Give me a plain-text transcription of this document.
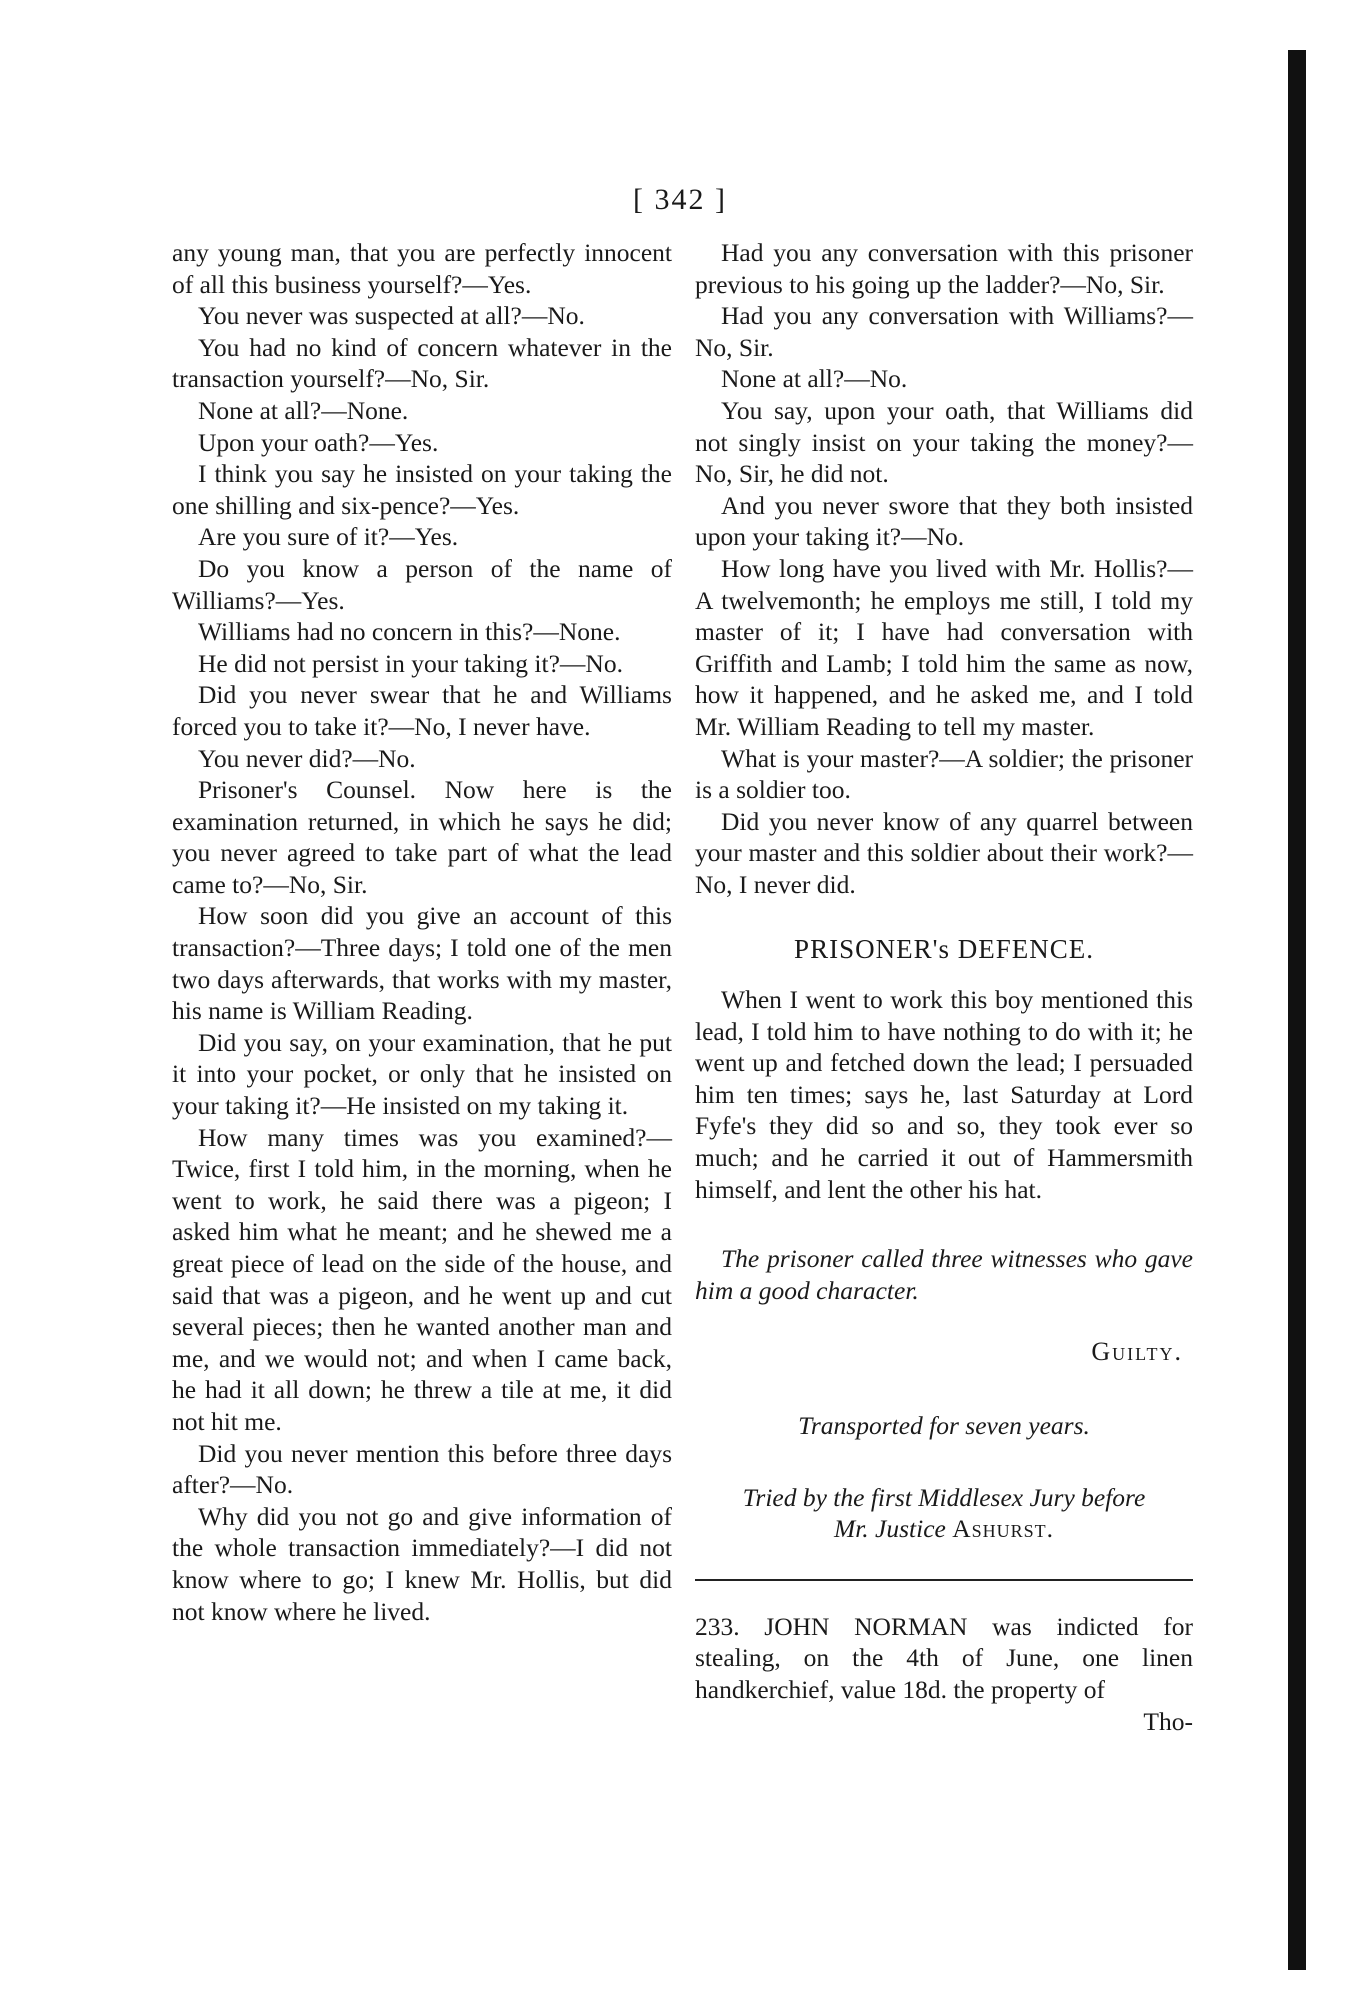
[ 342 ]

any young man, that you are perfectly innocent of all this business yourself?—Yes.

You never was suspected at all?—No.

You had no kind of concern whatever in the transaction yourself?—No, Sir.

None at all?—None.

Upon your oath?—Yes.

I think you say he insisted on your taking the one shilling and six-pence?—Yes.

Are you sure of it?—Yes.

Do you know a person of the name of Williams?—Yes.

Williams had no concern in this?—None.

He did not persist in your taking it?—No.

Did you never swear that he and Williams forced you to take it?—No, I never have.

You never did?—No.

Prisoner's Counsel. Now here is the examination returned, in which he says he did; you never agreed to take part of what the lead came to?—No, Sir.

How soon did you give an account of this transaction?—Three days; I told one of the men two days afterwards, that works with my master, his name is William Reading.

Did you say, on your examination, that he put it into your pocket, or only that he insisted on your taking it?—He insisted on my taking it.

How many times was you examined?—Twice, first I told him, in the morning, when he went to work, he said there was a pigeon; I asked him what he meant; and he shewed me a great piece of lead on the side of the house, and said that was a pigeon, and he went up and cut several pieces; then he wanted another man and me, and we would not; and when I came back, he had it all down; he threw a tile at me, it did not hit me.

Did you never mention this before three days after?—No.

Why did you not go and give information of the whole transaction immediately?—I did not know where to go; I knew Mr. Hollis, but did not know where he lived.

Had you any conversation with this prisoner previous to his going up the ladder?—No, Sir.

Had you any conversation with Williams?—No, Sir.

None at all?—No.

You say, upon your oath, that Williams did not singly insist on your taking the money?—No, Sir, he did not.

And you never swore that they both insisted upon your taking it?—No.

How long have you lived with Mr. Hollis?—A twelvemonth; he employs me still, I told my master of it; I have had conversation with Griffith and Lamb; I told him the same as now, how it happened, and he asked me, and I told Mr. William Reading to tell my master.

What is your master?—A soldier; the prisoner is a soldier too.

Did you never know of any quarrel between your master and this soldier about their work?—No, I never did.

PRISONER's DEFENCE.

When I went to work this boy mentioned this lead, I told him to have nothing to do with it; he went up and fetched down the lead; I persuaded him ten times; says he, last Saturday at Lord Fyfe's they did so and so, they took ever so much; and he carried it out of Hammersmith himself, and lent the other his hat.

The prisoner called three witnesses who gave him a good character.

Guilty.
Transported for seven years.
Tried by the first Middlesex Jury before
Mr. Justice Ashurst.

233. JOHN NORMAN was indicted for stealing, on the 4th of June, one linen handkerchief, value 18d. the property of

Tho-
